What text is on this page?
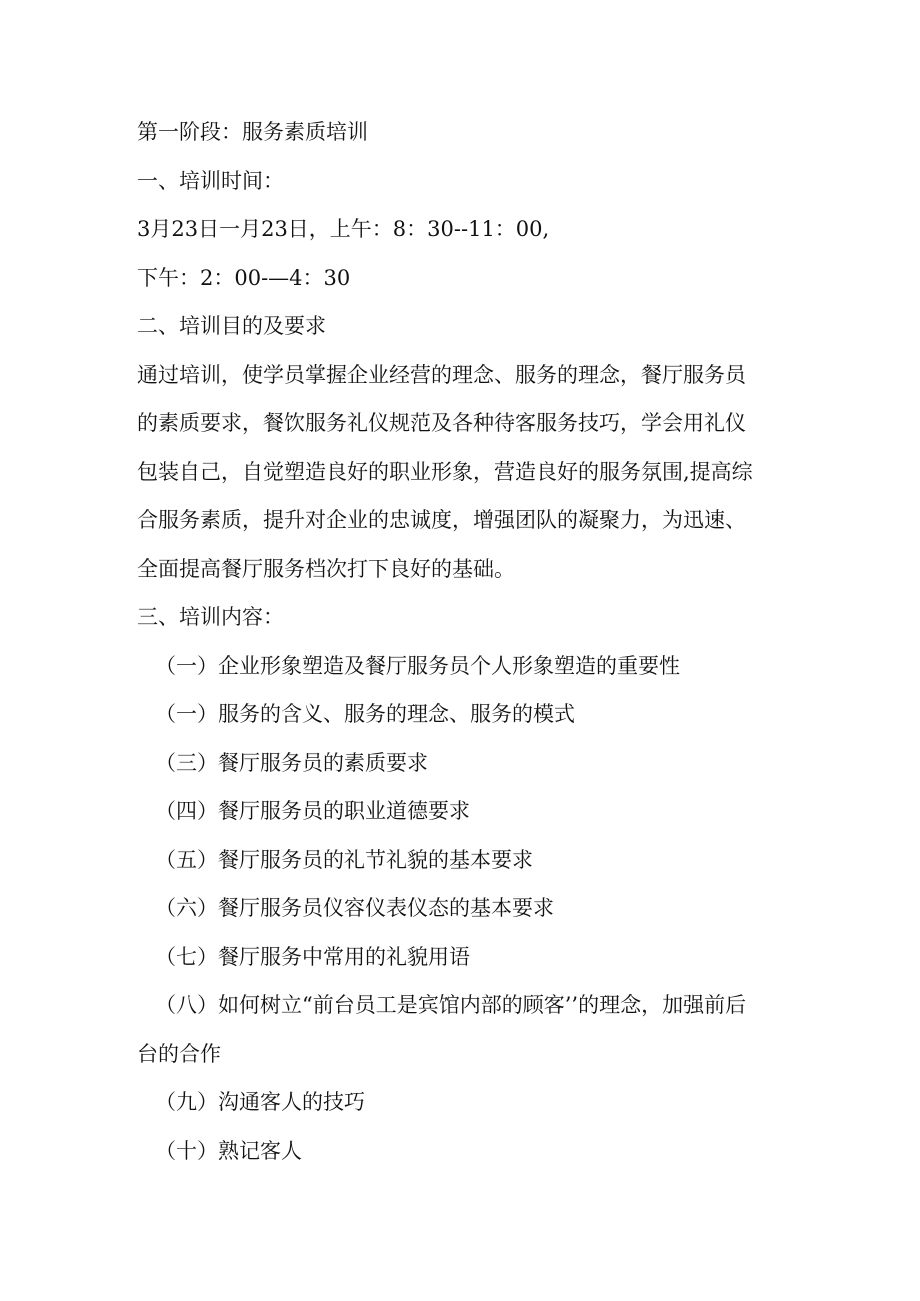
第一阶段：服务素质培训

一、培训时间：

3月23日一月23日，上午：8：30--11：00,

下午：2：00-—4：30

二、培训目的及要求

通过培训，使学员掌握企业经营的理念、服务的理念，餐厅服务员
的素质要求，餐饮服务礼仪规范及各种待客服务技巧，学会用礼仪
包装自己，自觉塑造良好的职业形象，营造良好的服务氛围,提高综
合服务素质，提升对企业的忠诚度，增强团队的凝聚力，为迅速、
全面提高餐厅服务档次打下良好的基础。

三、培训内容：

（一）企业形象塑造及餐厅服务员个人形象塑造的重要性

（一）服务的含义、服务的理念、服务的模式

（三）餐厅服务员的素质要求

（四）餐厅服务员的职业道德要求

（五）餐厅服务员的礼节礼貌的基本要求

（六）餐厅服务员仪容仪表仪态的基本要求

（七）餐厅服务中常用的礼貌用语

（八）如何树立“前台员工是宾馆内部的顾客’’的理念，加强前后
台的合作

（九）沟通客人的技巧

（十）熟记客人
